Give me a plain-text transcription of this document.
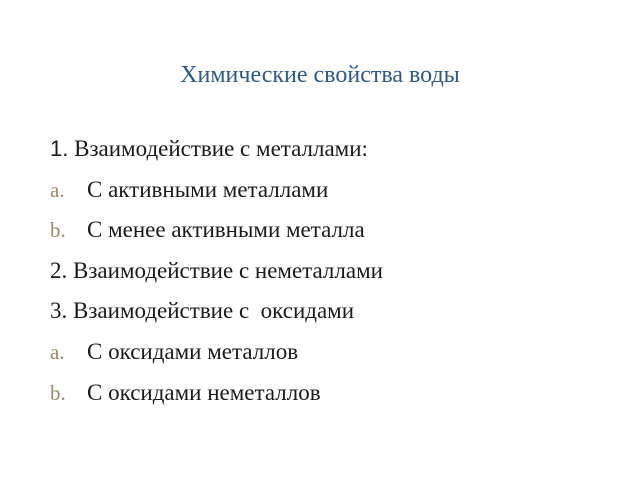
Химические свойства воды
1. Взаимодействие с металлами:
a. С активными металлами
b. С менее активными металла
2. Взаимодействие с неметаллами
3. Взаимодействие с  оксидами
a. С оксидами металлов
b. С оксидами неметаллов
